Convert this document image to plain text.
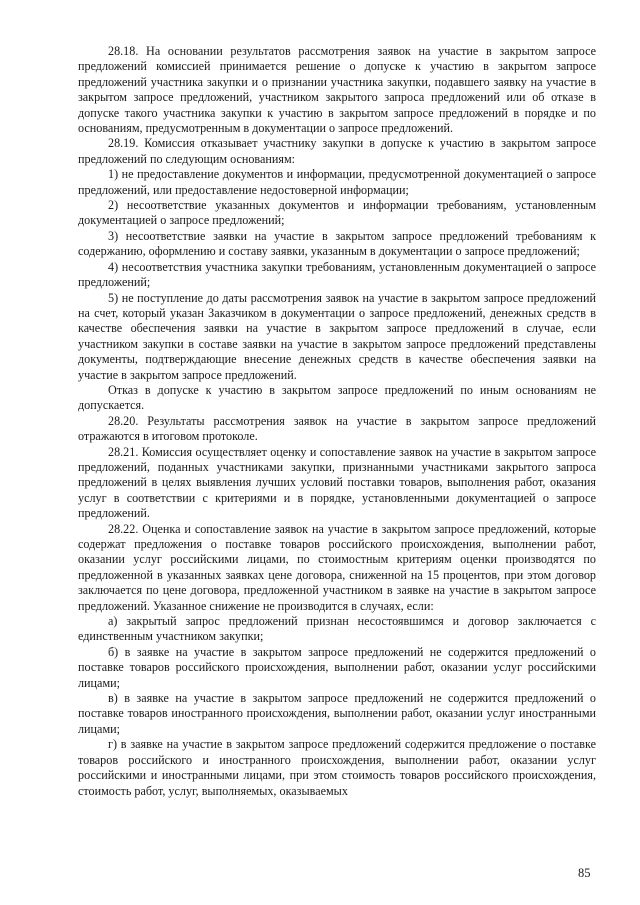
28.18. На основании результатов рассмотрения заявок на участие в закрытом запросе предложений комиссией принимается решение о допуске к участию в закрытом запросе предложений участника закупки и о признании участника закупки, подавшего заявку на участие в закрытом запросе предложений, участником закрытого запроса предложений или об отказе в допуске такого участника закупки к участию в закрытом запросе предложений в порядке и по основаниям, предусмотренным в документации о запросе предложений.

28.19. Комиссия отказывает участнику закупки в допуске к участию в закрытом запросе предложений по следующим основаниям:

1) не предоставление документов и информации, предусмотренной документацией о запросе предложений, или предоставление недостоверной информации;

2) несоответствие указанных документов и информации требованиям, установленным документацией о запросе предложений;

3) несоответствие заявки на участие в закрытом запросе предложений требованиям к содержанию, оформлению и составу заявки, указанным в документации о запросе предложений;

4) несоответствия участника закупки требованиям, установленным документацией о запросе предложений;

5) не поступление до даты рассмотрения заявок на участие в закрытом запросе предложений на счет, который указан Заказчиком в документации о запросе предложений, денежных средств в качестве обеспечения заявки на участие в закрытом запросе предложений в случае, если участником закупки в составе заявки на участие в закрытом запросе предложений представлены документы, подтверждающие внесение денежных средств в качестве обеспечения заявки на участие в закрытом запросе предложений.

Отказ в допуске к участию в закрытом запросе предложений по иным основаниям не допускается.

28.20. Результаты рассмотрения заявок на участие в закрытом запросе предложений отражаются в итоговом протоколе.

28.21. Комиссия осуществляет оценку и сопоставление заявок на участие в закрытом запросе предложений, поданных участниками закупки, признанными участниками закрытого запроса предложений в целях выявления лучших условий поставки товаров, выполнения работ, оказания услуг в соответствии с критериями и в порядке, установленными документацией о запросе предложений.

28.22. Оценка и сопоставление заявок на участие в закрытом запросе предложений, которые содержат предложения о поставке товаров российского происхождения, выполнении работ, оказании услуг российскими лицами, по стоимостным критериям оценки производятся по предложенной в указанных заявках цене договора, сниженной на 15 процентов, при этом договор заключается по цене договора, предложенной участником в заявке на участие в закрытом запросе предложений. Указанное снижение не производится в случаях, если:

а) закрытый запрос предложений признан несостоявшимся и договор заключается с единственным участником закупки;

б) в заявке на участие в закрытом запросе предложений не содержится предложений о поставке товаров российского происхождения, выполнении работ, оказании услуг российскими лицами;

в) в заявке на участие в закрытом запросе предложений не содержится предложений о поставке товаров иностранного происхождения, выполнении работ, оказании услуг иностранными лицами;

г) в заявке на участие в закрытом запросе предложений содержится предложение о поставке товаров российского и иностранного происхождения, выполнении работ, оказании услуг российскими и иностранными лицами, при этом стоимость товаров российского происхождения, стоимость работ, услуг, выполняемых, оказываемых

85
